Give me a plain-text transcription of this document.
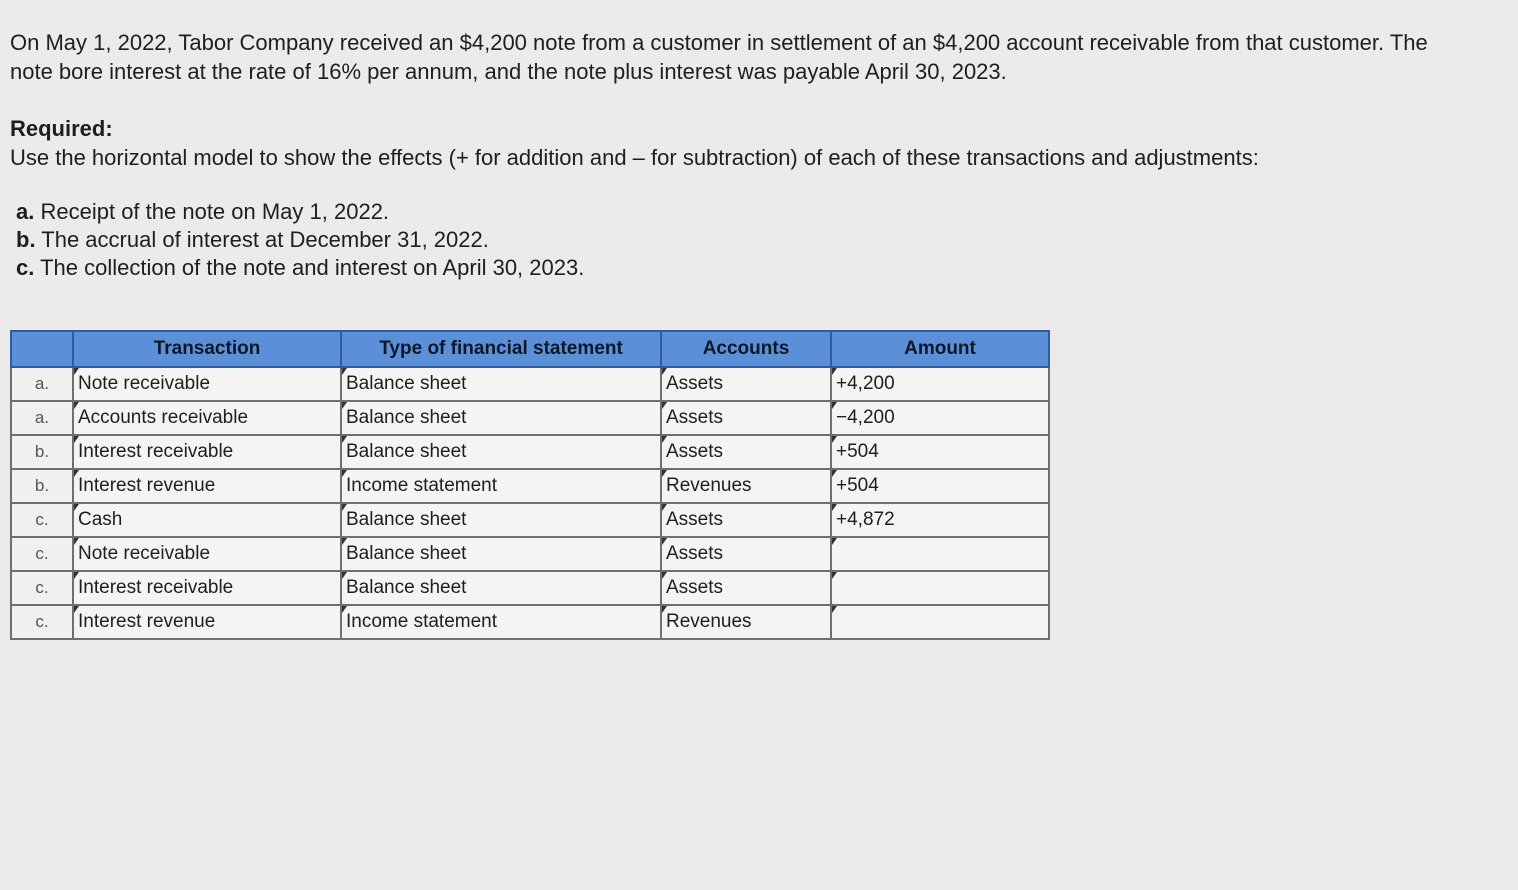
On May 1, 2022, Tabor Company received an $4,200 note from a customer in settlement of an $4,200 account receivable from that customer. The note bore interest at the rate of 16% per annum, and the note plus interest was payable April 30, 2023.

Required:

Use the horizontal model to show the effects (+ for addition and – for subtraction) of each of these transactions and adjustments:

a. Receipt of the note on May 1, 2022.
b. The accrual of interest at December 31, 2022.
c. The collection of the note and interest on April 30, 2023.
	Transaction	Type of financial statement	Accounts	Amount
a.	Note receivable	Balance sheet	Assets	+4,200
a.	Accounts receivable	Balance sheet	Assets	−4,200
b.	Interest receivable	Balance sheet	Assets	+504
b.	Interest revenue	Income statement	Revenues	+504
c.	Cash	Balance sheet	Assets	+4,872
c.	Note receivable	Balance sheet	Assets	
c.	Interest receivable	Balance sheet	Assets	
c.	Interest revenue	Income statement	Revenues	
